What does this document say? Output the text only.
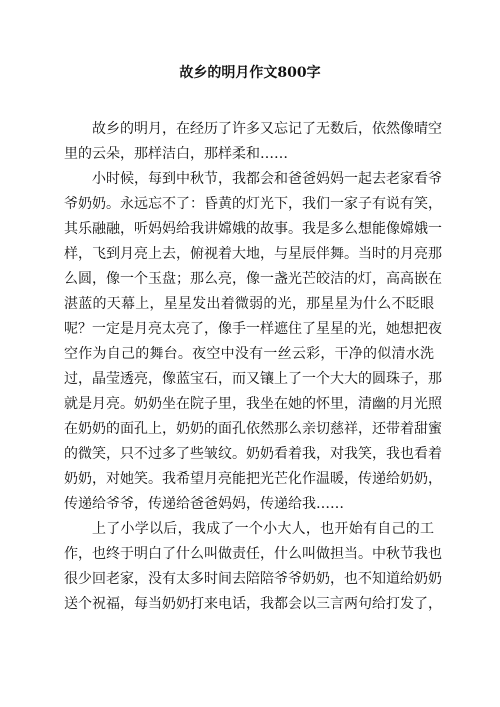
故乡的明月作文800字
故乡的明月，在经历了许多又忘记了无数后，依然像晴空
里的云朵，那样洁白，那样柔和……
小时候，每到中秋节，我都会和爸爸妈妈一起去老家看爷
爷奶奶。永远忘不了：昏黄的灯光下，我们一家子有说有笑，
其乐融融，听妈妈给我讲嫦娥的故事。我是多么想能像嫦娥一
样，飞到月亮上去，俯视着大地，与星辰伴舞。当时的月亮那
么圆，像一个玉盘；那么亮，像一盏光芒皎洁的灯，高高嵌在
湛蓝的天幕上，星星发出着微弱的光，那星星为什么不眨眼
呢？一定是月亮太亮了，像手一样遮住了星星的光，她想把夜
空作为自己的舞台。夜空中没有一丝云彩，干净的似清水洗
过，晶莹透亮，像蓝宝石，而又镶上了一个大大的圆珠子，那
就是月亮。奶奶坐在院子里，我坐在她的怀里，清幽的月光照
在奶奶的面孔上，奶奶的面孔依然那么亲切慈祥，还带着甜蜜
的微笑，只不过多了些皱纹。奶奶看着我，对我笑，我也看着
奶奶，对她笑。我希望月亮能把光芒化作温暖，传递给奶奶，
传递给爷爷，传递给爸爸妈妈，传递给我……
上了小学以后，我成了一个小大人，也开始有自己的工
作，也终于明白了什么叫做责任，什么叫做担当。中秋节我也
很少回老家，没有太多时间去陪陪爷爷奶奶，也不知道给奶奶
送个祝福，每当奶奶打来电话，我都会以三言两句给打发了，
